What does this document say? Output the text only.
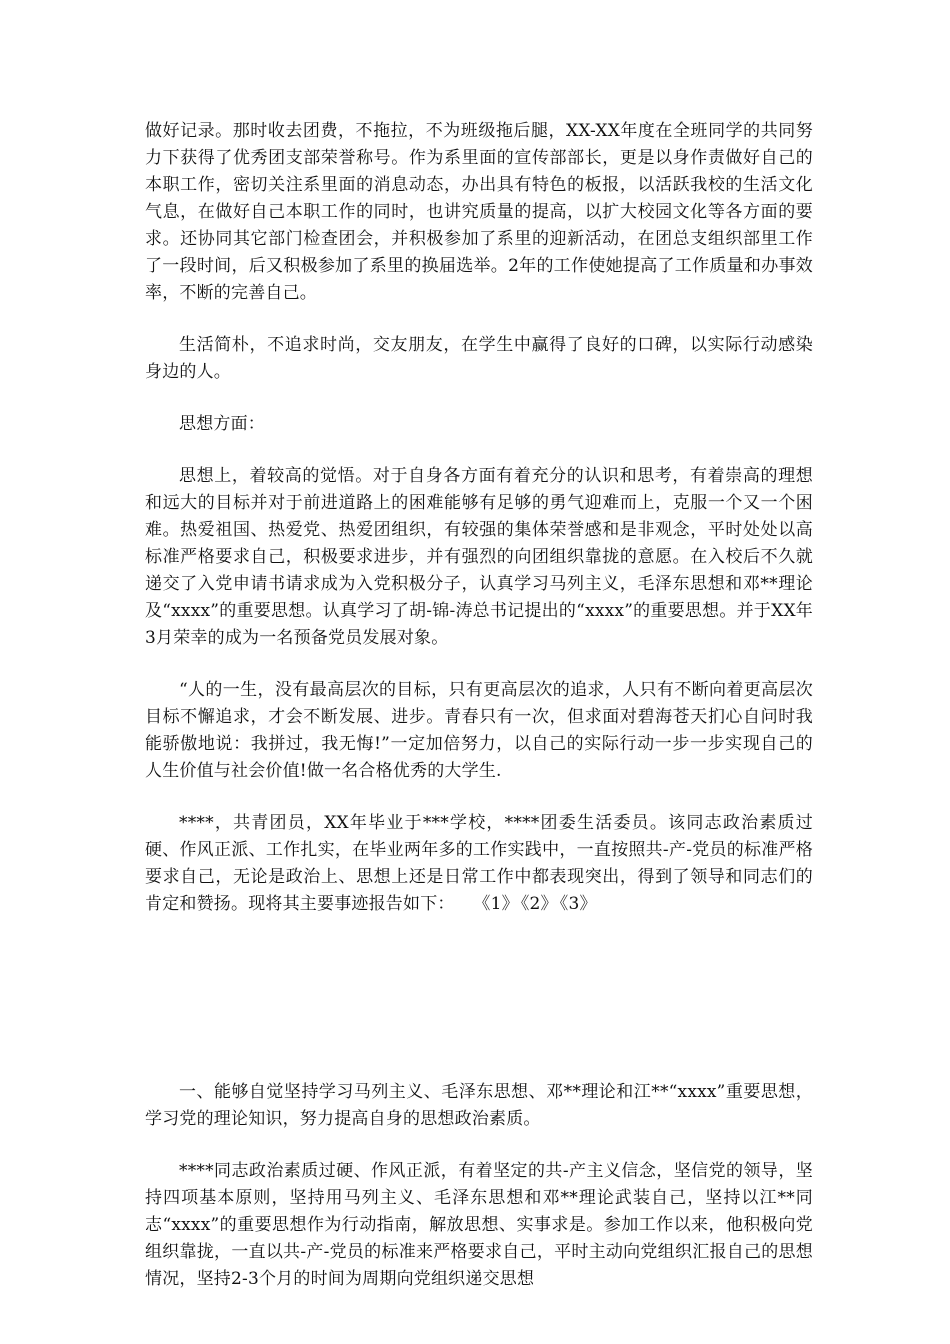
做好记录。那时收去团费，不拖拉，不为班级拖后腿，XX-XX年度在全班同学的共同努力下获得了优秀团支部荣誉称号。作为系里面的宣传部部长，更是以身作责做好自己的本职工作，密切关注系里面的消息动态，办出具有特色的板报，以活跃我校的生活文化气息，在做好自己本职工作的同时，也讲究质量的提高，以扩大校园文化等各方面的要求。还协同其它部门检查团会，并积极参加了系里的迎新活动，在团总支组织部里工作了一段时间，后又积极参加了系里的换届选举。2年的工作使她提高了工作质量和办事效率，不断的完善自己。

生活简朴，不追求时尚，交友朋友，在学生中赢得了良好的口碑，以实际行动感染身边的人。

思想方面：

思想上，着较高的觉悟。对于自身各方面有着充分的认识和思考，有着崇高的理想和远大的目标并对于前进道路上的困难能够有足够的勇气迎难而上，克服一个又一个困难。热爱祖国、热爱党、热爱团组织，有较强的集体荣誉感和是非观念，平时处处以高标准严格要求自己，积极要求进步，并有强烈的向团组织靠拢的意愿。在入校后不久就递交了入党申请书请求成为入党积极分子，认真学习马列主义，毛泽东思想和邓**理论及“xxxx”的重要思想。认真学习了胡-锦-涛总书记提出的“xxxx”的重要思想。并于XX年3月荣幸的成为一名预备党员发展对象。

“人的一生，没有最高层次的目标，只有更高层次的追求，人只有不断向着更高层次目标不懈追求，才会不断发展、进步。青春只有一次，但求面对碧海苍天扪心自问时我能骄傲地说：我拼过，我无悔!”一定加倍努力，以自己的实际行动一步一步实现自己的人生价值与社会价值!做一名合格优秀的大学生.

****，共青团员，XX年毕业于***学校，****团委生活委员。该同志政治素质过硬、作风正派、工作扎实，在毕业两年多的工作实践中，一直按照共-产-党员的标准严格要求自己，无论是政治上、思想上还是日常工作中都表现突出，得到了领导和同志们的肯定和赞扬。现将其主要事迹报告如下： 《1》 《2》 《3》

一、能够自觉坚持学习马列主义、毛泽东思想、邓**理论和江**“xxxx”重要思想，学习党的理论知识，努力提高自身的思想政治素质。

****同志政治素质过硬、作风正派，有着坚定的共-产主义信念，坚信党的领导，坚持四项基本原则，坚持用马列主义、毛泽东思想和邓**理论武装自己，坚持以江**同志“xxxx”的重要思想作为行动指南，解放思想、实事求是。参加工作以来，他积极向党组织靠拢，一直以共-产-党员的标准来严格要求自己，平时主动向党组织汇报自己的思想情况，坚持2-3个月的时间为周期向党组织递交思想
